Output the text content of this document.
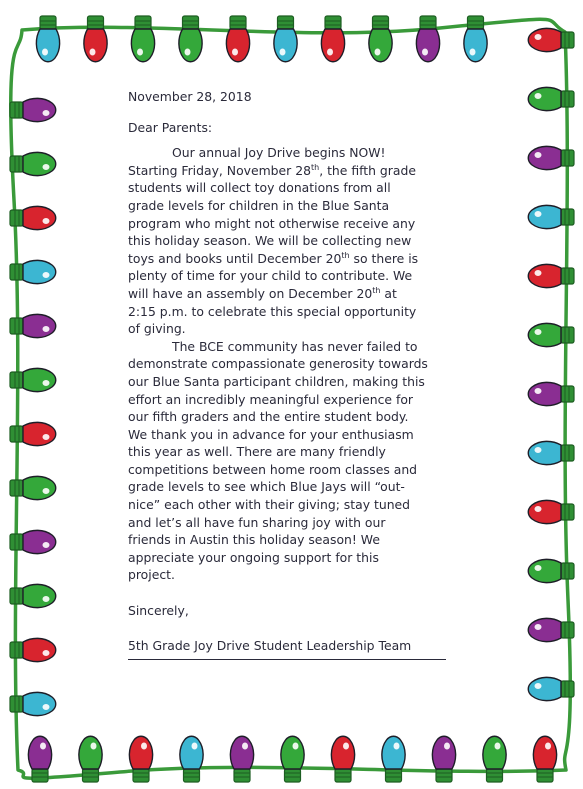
November 28, 2018

Dear Parents:

Our annual Joy Drive begins NOW! Starting Friday, November 28th, the fifth grade students will collect toy donations from all grade levels for children in the Blue Santa program who might not otherwise receive any this holiday season. We will be collecting new toys and books until December 20th so there is plenty of time for your child to contribute. We will have an assembly on December 20th at 2:15 p.m. to celebrate this special opportunity of giving.

The BCE community has never failed to demonstrate compassionate generosity towards our Blue Santa participant children, making this effort an incredibly meaningful experience for our fifth graders and the entire student body. We thank you in advance for your enthusiasm this year as well. There are many friendly competitions between home room classes and grade levels to see which Blue Jays will “out-nice” each other with their giving; stay tuned and let’s all have fun sharing joy with our friends in Austin this holiday season! We appreciate your ongoing support for this project.

Sincerely,

5th Grade Joy Drive Student Leadership Team
